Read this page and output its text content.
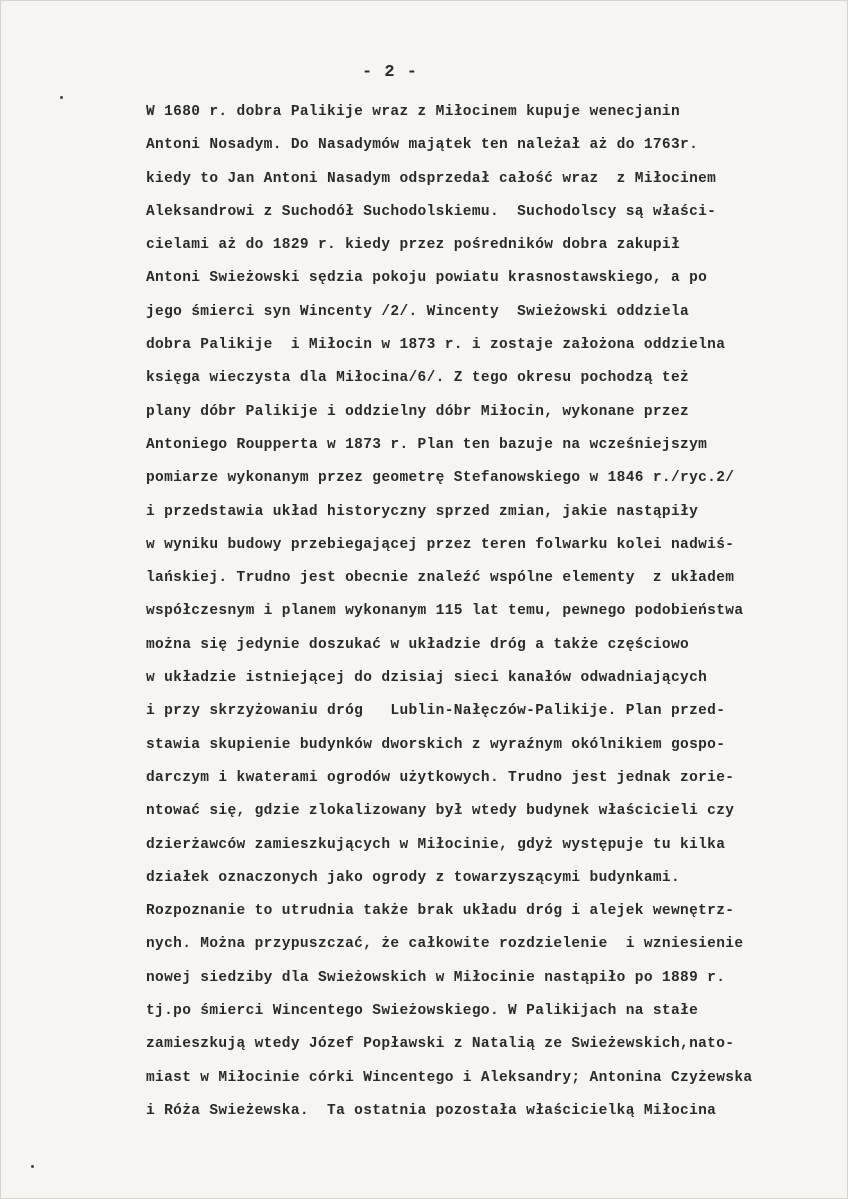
- 2 -
W 1680 r. dobra Palikije wraz z Miłocinem kupuje wenecjanin
Antoni Nosadym. Do Nasadymów majątek ten należał aż do 1763r.
kiedy to Jan Antoni Nasadym odsprzedał całość wraz  z Miłocinem
Aleksandrowi z Suchodół Suchodolskiemu.  Suchodolscy są właści-
cielami aż do 1829 r. kiedy przez pośredników dobra zakupił
Antoni Swieżowski sędzia pokoju powiatu krasnostawskiego, a po
jego śmierci syn Wincenty /2/. Wincenty  Swieżowski oddziela
dobra Palikije  i Miłocin w 1873 r. i zostaje założona oddzielna
księga wieczysta dla Miłocina/6/. Z tego okresu pochodzą też
plany dóbr Palikije i oddzielny dóbr Miłocin, wykonane przez
Antoniego Roupperta w 1873 r. Plan ten bazuje na wcześniejszym
pomiarze wykonanym przez geometrę Stefanowskiego w 1846 r./ryc.2/
i przedstawia układ historyczny sprzed zmian, jakie nastąpiły
w wyniku budowy przebiegającej przez teren folwarku kolei nadwiś-
lańskiej. Trudno jest obecnie znaleźć wspólne elementy  z układem
współczesnym i planem wykonanym 115 lat temu, pewnego podobieństwa
można się jedynie doszukać w układzie dróg a także częściowo
w układzie istniejącej do dzisiaj sieci kanałów odwadniających
i przy skrzyżowaniu dróg   Lublin-Nałęczów-Palikije. Plan przed-
stawia skupienie budynków dworskich z wyraźnym okólnikiem gospo-
darczym i kwaterami ogrodów użytkowych. Trudno jest jednak zorie-
ntować się, gdzie zlokalizowany był wtedy budynek właścicieli czy
dzierżawców zamieszkujących w Miłocinie, gdyż występuje tu kilka
działek oznaczonych jako ogrody z towarzyszącymi budynkami.
Rozpoznanie to utrudnia także brak układu dróg i alejek wewnętrz-
nych. Można przypuszczać, że całkowite rozdzielenie  i wzniesienie
nowej siedziby dla Swieżowskich w Miłocinie nastąpiło po 1889 r.
tj.po śmierci Wincentego Swieżowskiego. W Palikijach na stałe
zamieszkują wtedy Józef Popławski z Natalią ze Swieżewskich,nato-
miast w Miłocinie córki Wincentego i Aleksandry; Antonina Czyżewska
i Róża Swieżewska.  Ta ostatnia pozostała właścicielką Miłocina
